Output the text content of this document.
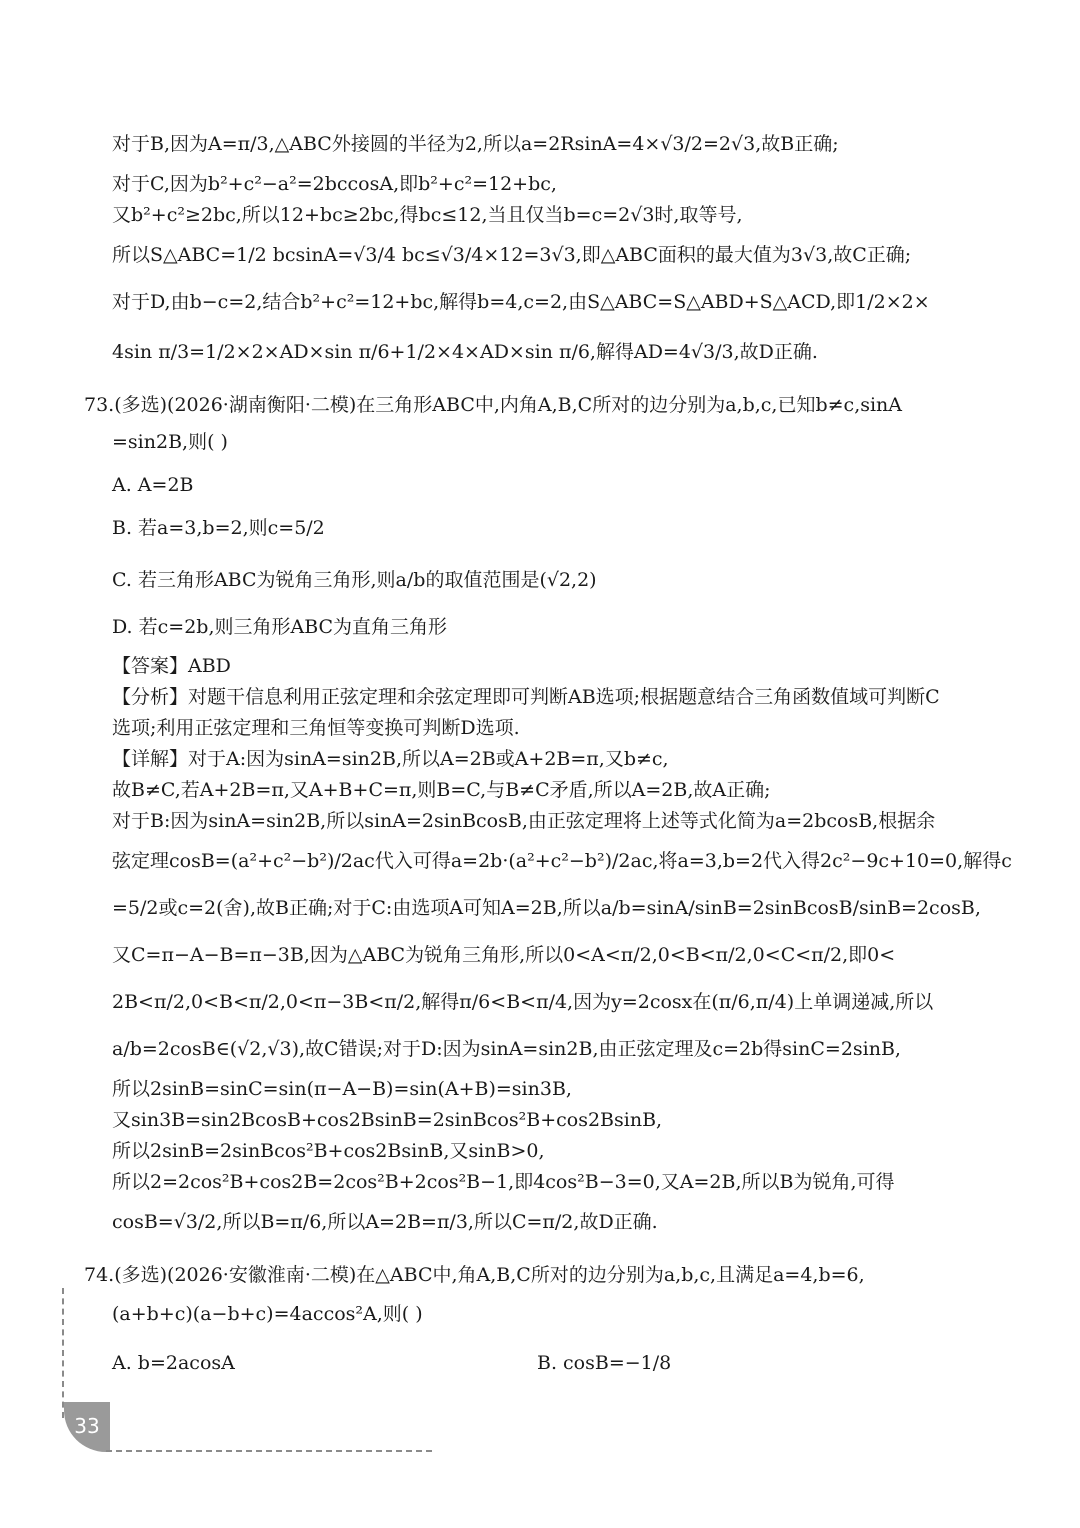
对于B,因为A=π/3,△ABC外接圆的半径为2,所以a=2RsinA=4×√3/2=2√3,故B正确;
对于C,因为b²+c²−a²=2bccosA,即b²+c²=12+bc,
又b²+c²≥2bc,所以12+bc≥2bc,得bc≤12,当且仅当b=c=2√3时,取等号,
所以S△ABC=1/2 bcsinA=√3/4 bc≤√3/4×12=3√3,即△ABC面积的最大值为3√3,故C正确;
对于D,由b−c=2,结合b²+c²=12+bc,解得b=4,c=2,由S△ABC=S△ABD+S△ACD,即1/2×2×
4sin π/3=1/2×2×AD×sin π/6+1/2×4×AD×sin π/6,解得AD=4√3/3,故D正确.
73.(多选)(2026·湖南衡阳·二模)在三角形ABC中,内角A,B,C所对的边分别为a,b,c,已知b≠c,sinA
=sin2B,则( )
A. A=2B
B. 若a=3,b=2,则c=5/2
C. 若三角形ABC为锐角三角形,则a/b的取值范围是(√2,2)
D. 若c=2b,则三角形ABC为直角三角形
【答案】ABD
【分析】对题干信息利用正弦定理和余弦定理即可判断AB选项;根据题意结合三角函数值域可判断C
选项;利用正弦定理和三角恒等变换可判断D选项.
【详解】对于A:因为sinA=sin2B,所以A=2B或A+2B=π,又b≠c,
故B≠C,若A+2B=π,又A+B+C=π,则B=C,与B≠C矛盾,所以A=2B,故A正确;
对于B:因为sinA=sin2B,所以sinA=2sinBcosB,由正弦定理将上述等式化简为a=2bcosB,根据余
弦定理cosB=(a²+c²−b²)/2ac代入可得a=2b·(a²+c²−b²)/2ac,将a=3,b=2代入得2c²−9c+10=0,解得c
=5/2或c=2(舍),故B正确;对于C:由选项A可知A=2B,所以a/b=sinA/sinB=2sinBcosB/sinB=2cosB,
又C=π−A−B=π−3B,因为△ABC为锐角三角形,所以0<A<π/2,0<B<π/2,0<C<π/2,即0<
2B<π/2,0<B<π/2,0<π−3B<π/2,解得π/6<B<π/4,因为y=2cosx在(π/6,π/4)上单调递减,所以
a/b=2cosB∈(√2,√3),故C错误;对于D:因为sinA=sin2B,由正弦定理及c=2b得sinC=2sinB,
所以2sinB=sinC=sin(π−A−B)=sin(A+B)=sin3B,
又sin3B=sin2BcosB+cos2BsinB=2sinBcos²B+cos2BsinB,
所以2sinB=2sinBcos²B+cos2BsinB,又sinB>0,
所以2=2cos²B+cos2B=2cos²B+2cos²B−1,即4cos²B−3=0,又A=2B,所以B为锐角,可得
cosB=√3/2,所以B=π/6,所以A=2B=π/3,所以C=π/2,故D正确.
74.(多选)(2026·安徽淮南·二模)在△ABC中,角A,B,C所对的边分别为a,b,c,且满足a=4,b=6,
(a+b+c)(a−b+c)=4accos²A,则( )
A. b=2acosA	B. cosB=−1/8
33
